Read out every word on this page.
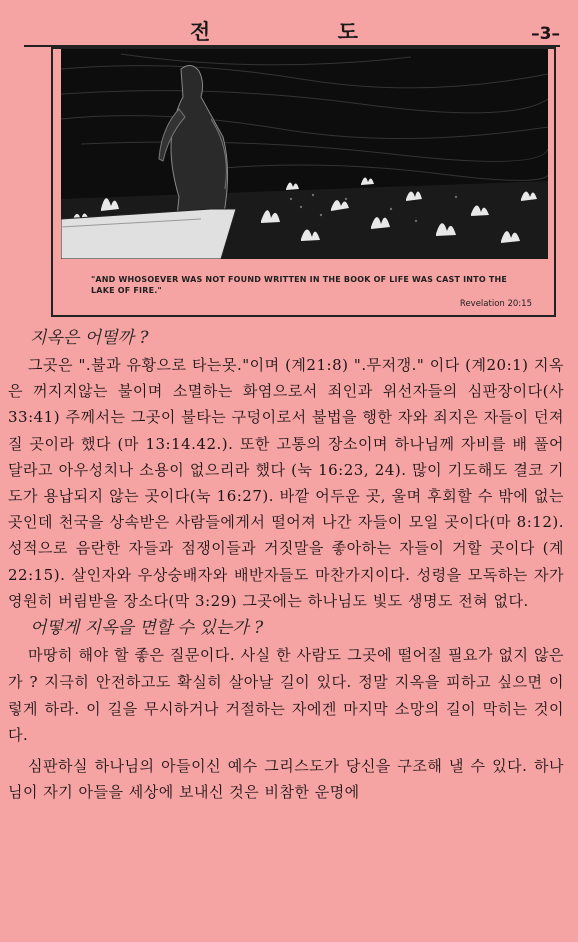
전 도
–	3 –
"AND WHOSOEVER WAS NOT FOUND WRITTEN IN THE BOOK OF LIFE WAS CAST INTO THE LAKE OF FIRE."
Revelation 20:15
지옥은 어떨까 ?

그곳은 ".불과 유황으로 타는못."이며 (계21:8) ".무저갱." 이다 (계20:1) 지옥은 꺼지지않는 불이며 소멸하는 화염으로서 죄인과 위선자들의 심판장이다(사33:41) 주께서는 그곳이 불타는 구덩이로서 불법을 행한 자와 죄지은 자들이 던져질 곳이라 했다 (마 13:14.42.). 또한 고통의 장소이며 하나님께 자비를 배 풀어 달라고 아우성치나 소용이 없으리라 했다 (눅 16:23, 24). 많이 기도해도 결코 기도가 용납되지 않는 곳이다(눅 16:27). 바깥 어두운 곳, 울며 후회할 수 밖에 없는 곳인데 천국을 상속받은 사람들에게서 떨어져 나간 자들이 모일 곳이다(마 8:12). 성적으로 음란한 자들과 점쟁이들과 거짓말을 좋아하는 자들이 거할 곳이다 (계 22:15). 살인자와 우상숭배자와 배반자들도 마찬가지이다. 성령을 모독하는 자가 영원히 버림받을 장소다(막 3:29) 그곳에는 하나님도 빛도 생명도 전혀 없다.

어떻게 지옥을 면할 수 있는가 ?

마땅히 해야 할 좋은 질문이다. 사실 한 사람도 그곳에 떨어질 필요가 없지 않은가 ? 지극히 안전하고도 확실히 살아날 길이 있다. 정말 지옥을 피하고 싶으면 이렇게 하라. 이 길을 무시하거나 거절하는 자에겐 마지막 소망의 길이 막히는 것이다.

심판하실 하나님의 아들이신 예수 그리스도가 당신을 구조해 낼 수 있다. 하나님이 자기 아들을 세상에 보내신 것은 비참한 운명에
